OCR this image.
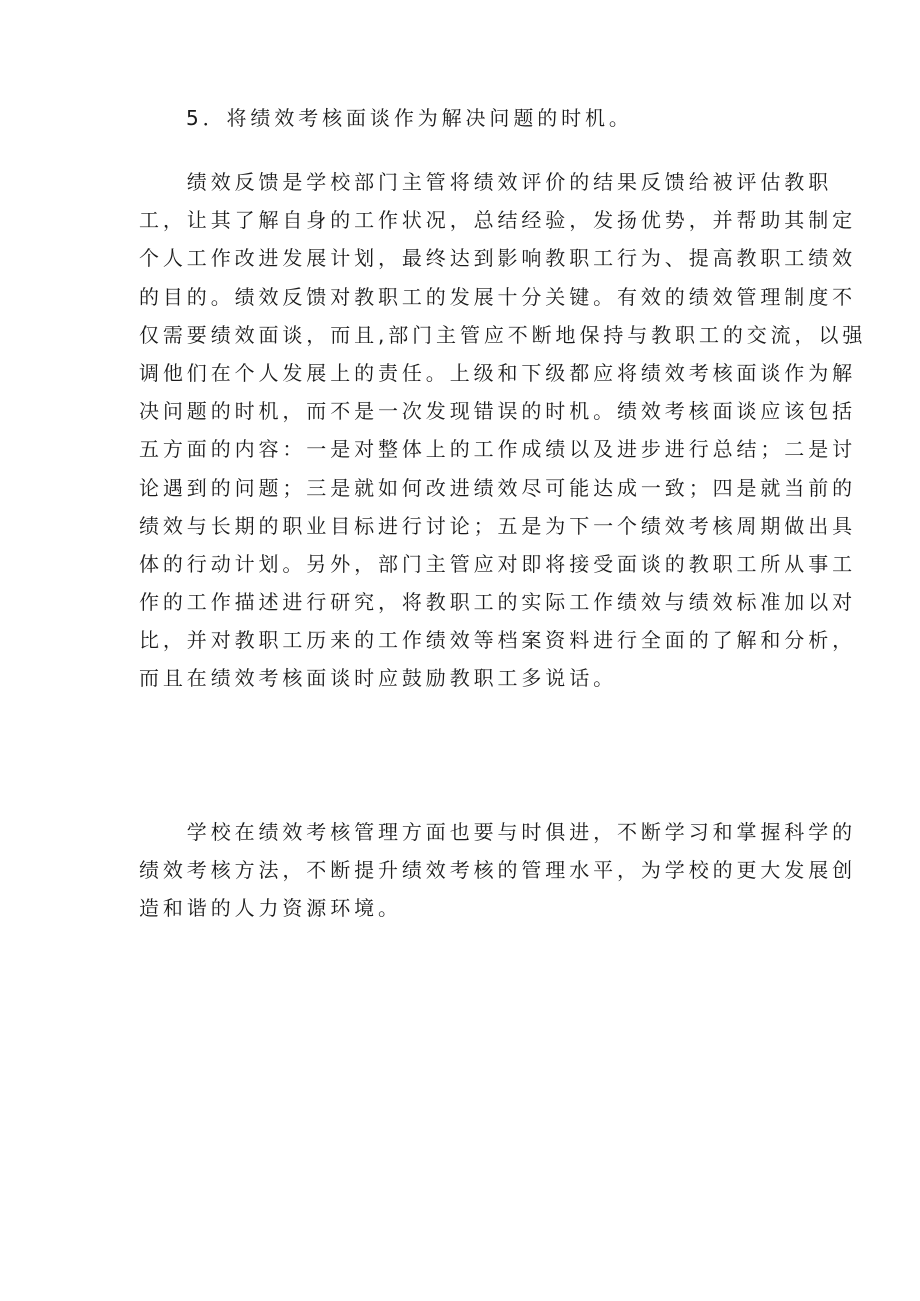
5．将绩效考核面谈作为解决问题的时机。
　　绩效反馈是学校部门主管将绩效评价的结果反馈给被评估教职
工，让其了解自身的工作状况，总结经验，发扬优势，并帮助其制定
个人工作改进发展计划，最终达到影响教职工行为、提高教职工绩效
的目的。绩效反馈对教职工的发展十分关键。有效的绩效管理制度不
仅需要绩效面谈，而且,部门主管应不断地保持与教职工的交流，以强
调他们在个人发展上的责任。上级和下级都应将绩效考核面谈作为解
决问题的时机，而不是一次发现错误的时机。绩效考核面谈应该包括
五方面的内容：一是对整体上的工作成绩以及进步进行总结；二是讨
论遇到的问题；三是就如何改进绩效尽可能达成一致；四是就当前的
绩效与长期的职业目标进行讨论；五是为下一个绩效考核周期做出具
体的行动计划。另外，部门主管应对即将接受面谈的教职工所从事工
作的工作描述进行研究，将教职工的实际工作绩效与绩效标准加以对
比，并对教职工历来的工作绩效等档案资料进行全面的了解和分析，
而且在绩效考核面谈时应鼓励教职工多说话。
　　学校在绩效考核管理方面也要与时俱进，不断学习和掌握科学的
绩效考核方法，不断提升绩效考核的管理水平，为学校的更大发展创
造和谐的人力资源环境。
